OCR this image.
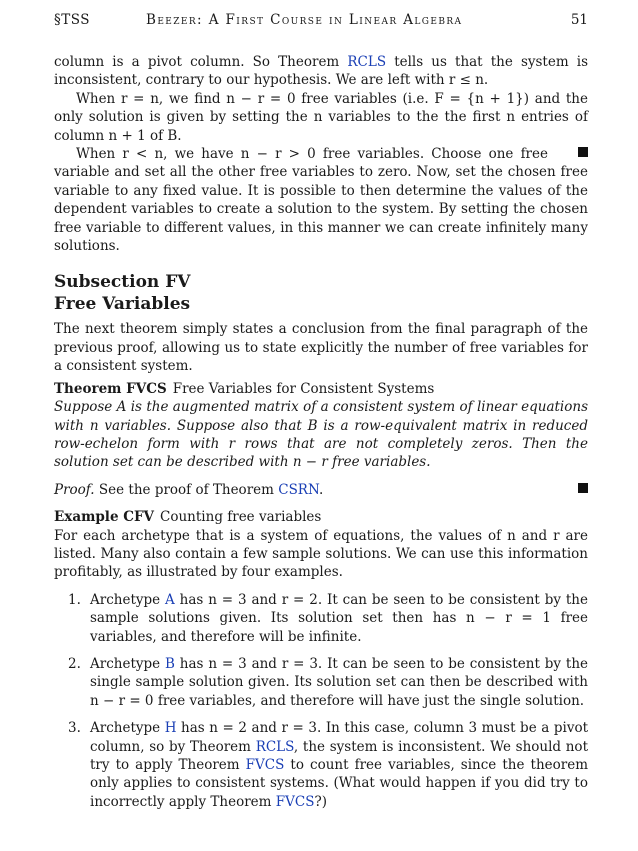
§TSS	Beezer: A First Course in Linear Algebra	51

column is a pivot column. So Theorem RCLS tells us that the system is inconsistent, contrary to our hypothesis. We are left with r ≤ n.

When r = n, we find n − r = 0 free variables (i.e. F = {n + 1}) and the only solution is given by setting the n variables to the the first n entries of column n + 1 of B.

When r < n, we have n − r > 0 free variables. Choose one free variable and set all the other free variables to zero. Now, set the chosen free variable to any fixed value. It is possible to then determine the values of the dependent variables to create a solution to the system. By setting the chosen free variable to different values, in this manner we can create infinitely many solutions.

Subsection FV
Free Variables

The next theorem simply states a conclusion from the final paragraph of the previous proof, allowing us to state explicitly the number of free variables for a consistent system.

Theorem FVCS Free Variables for Consistent Systems

Suppose A is the augmented matrix of a consistent system of linear equations with n variables. Suppose also that B is a row-equivalent matrix in reduced row-echelon form with r rows that are not completely zeros. Then the solution set can be described with n − r free variables.

Proof. See the proof of Theorem CSRN.

Example CFV Counting free variables

For each archetype that is a system of equations, the values of n and r are listed. Many also contain a few sample solutions. We can use this information profitably, as illustrated by four examples.

1. Archetype A has n = 3 and r = 2. It can be seen to be consistent by the sample solutions given. Its solution set then has n − r = 1 free variables, and therefore will be infinite.
2. Archetype B has n = 3 and r = 3. It can be seen to be consistent by the single sample solution given. Its solution set can then be described with n − r = 0 free variables, and therefore will have just the single solution.
3. Archetype H has n = 2 and r = 3. In this case, column 3 must be a pivot column, so by Theorem RCLS, the system is inconsistent. We should not try to apply Theorem FVCS to count free variables, since the theorem only applies to consistent systems. (What would happen if you did try to incorrectly apply Theorem FVCS?)
